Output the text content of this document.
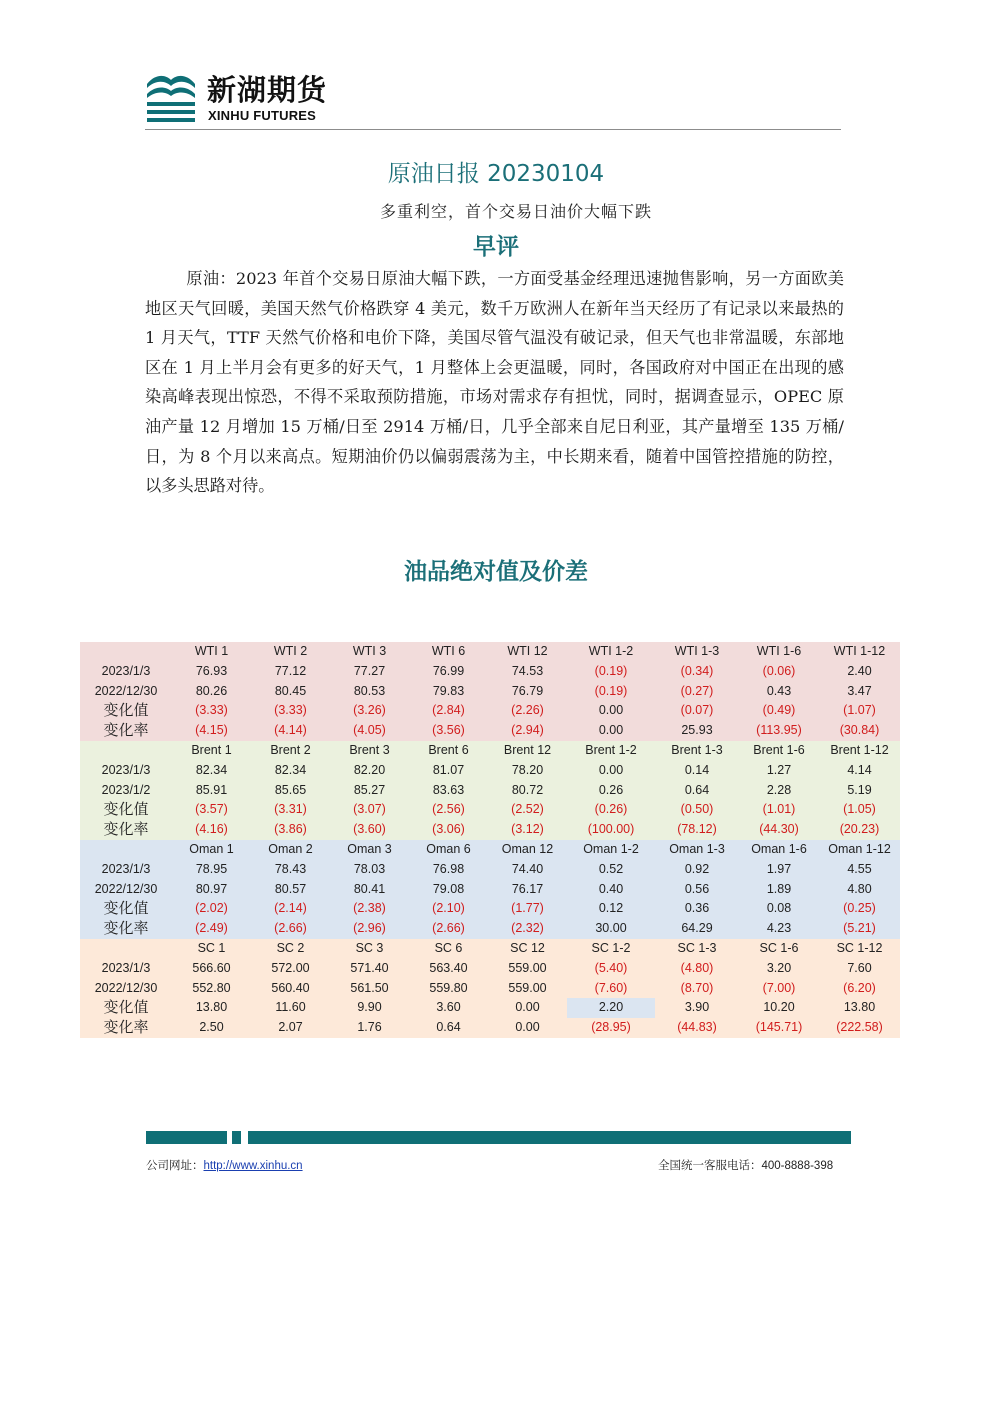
新湖期货
XINHU FUTURES
原油日报 20230104
多重利空，首个交易日油价大幅下跌
早评
原油：2023 年首个交易日原油大幅下跌，一方面受基金经理迅速抛售影响，另一方面欧美地区天气回暖，美国天然气价格跌穿 4 美元，数千万欧洲人在新年当天经历了有记录以来最热的 1 月天气，TTF 天然气价格和电价下降，美国尽管气温没有破记录，但天气也非常温暖，东部地区在 1 月上半月会有更多的好天气，1 月整体上会更温暖，同时，各国政府对中国正在出现的感染高峰表现出惊恐，不得不采取预防措施，市场对需求存有担忧，同时，据调查显示，OPEC 原油产量 12 月增加 15 万桶/日至 2914 万桶/日，几乎全部来自尼日利亚，其产量增至 135 万桶/日，为 8 个月以来高点。短期油价仍以偏弱震荡为主，中长期来看，随着中国管控措施的防控，以多头思路对待。
油品绝对值及价差
	WTI 1	WTI 2	WTI 3	WTI 6	WTI 12	WTI 1-2	WTI 1-3	WTI 1-6	WTI 1-12
2023/1/3	76.93	77.12	77.27	76.99	74.53	(0.19)	(0.34)	(0.06)	2.40
2022/12/30	80.26	80.45	80.53	79.83	76.79	(0.19)	(0.27)	0.43	3.47
变化值	(3.33)	(3.33)	(3.26)	(2.84)	(2.26)	0.00	(0.07)	(0.49)	(1.07)
变化率	(4.15)	(4.14)	(4.05)	(3.56)	(2.94)	0.00	25.93	(113.95)	(30.84)
	Brent 1	Brent 2	Brent 3	Brent 6	Brent 12	Brent 1-2	Brent 1-3	Brent 1-6	Brent 1-12
2023/1/3	82.34	82.34	82.20	81.07	78.20	0.00	0.14	1.27	4.14
2023/1/2	85.91	85.65	85.27	83.63	80.72	0.26	0.64	2.28	5.19
变化值	(3.57)	(3.31)	(3.07)	(2.56)	(2.52)	(0.26)	(0.50)	(1.01)	(1.05)
变化率	(4.16)	(3.86)	(3.60)	(3.06)	(3.12)	(100.00)	(78.12)	(44.30)	(20.23)
	Oman 1	Oman 2	Oman 3	Oman 6	Oman 12	Oman 1-2	Oman 1-3	Oman 1-6	Oman 1-12
2023/1/3	78.95	78.43	78.03	76.98	74.40	0.52	0.92	1.97	4.55
2022/12/30	80.97	80.57	80.41	79.08	76.17	0.40	0.56	1.89	4.80
变化值	(2.02)	(2.14)	(2.38)	(2.10)	(1.77)	0.12	0.36	0.08	(0.25)
变化率	(2.49)	(2.66)	(2.96)	(2.66)	(2.32)	30.00	64.29	4.23	(5.21)
	SC 1	SC 2	SC 3	SC 6	SC 12	SC 1-2	SC 1-3	SC 1-6	SC 1-12
2023/1/3	566.60	572.00	571.40	563.40	559.00	(5.40)	(4.80)	3.20	7.60
2022/12/30	552.80	560.40	561.50	559.80	559.00	(7.60)	(8.70)	(7.00)	(6.20)
变化值	13.80	11.60	9.90	3.60	0.00	2.20	3.90	10.20	13.80
变化率	2.50	2.07	1.76	0.64	0.00	(28.95)	(44.83)	(145.71)	(222.58)
公司网址：http://www.xinhu.cn	全国统一客服电话：400-8888-398
